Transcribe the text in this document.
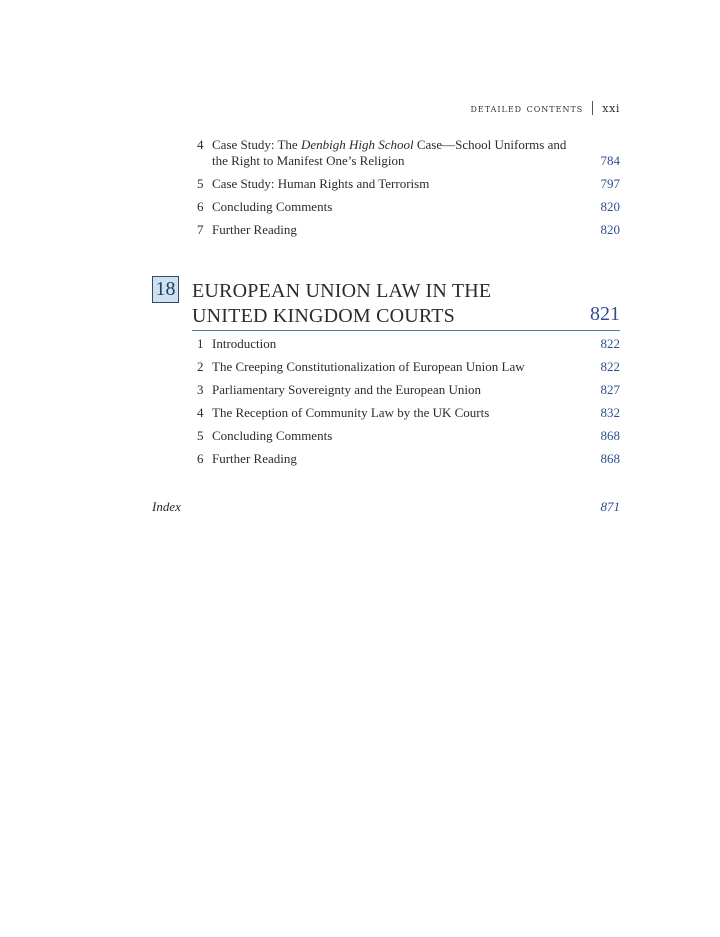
detailed contents xxi
4 Case Study: The Denbigh High School Case—School Uniforms and
the Right to Manifest One’s Religion	784
5 Case Study: Human Rights and Terrorism	797
6 Concluding Comments	820
7 Further Reading	820
18 EUROPEAN UNION LAW IN THE
UNITED KINGDOM COURTS	821
1 Introduction	822
2 The Creeping Constitutionalization of European Union Law	822
3 Parliamentary Sovereignty and the European Union	827
4 The Reception of Community Law by the UK Courts	832
5 Concluding Comments	868
6 Further Reading	868
Index	871
